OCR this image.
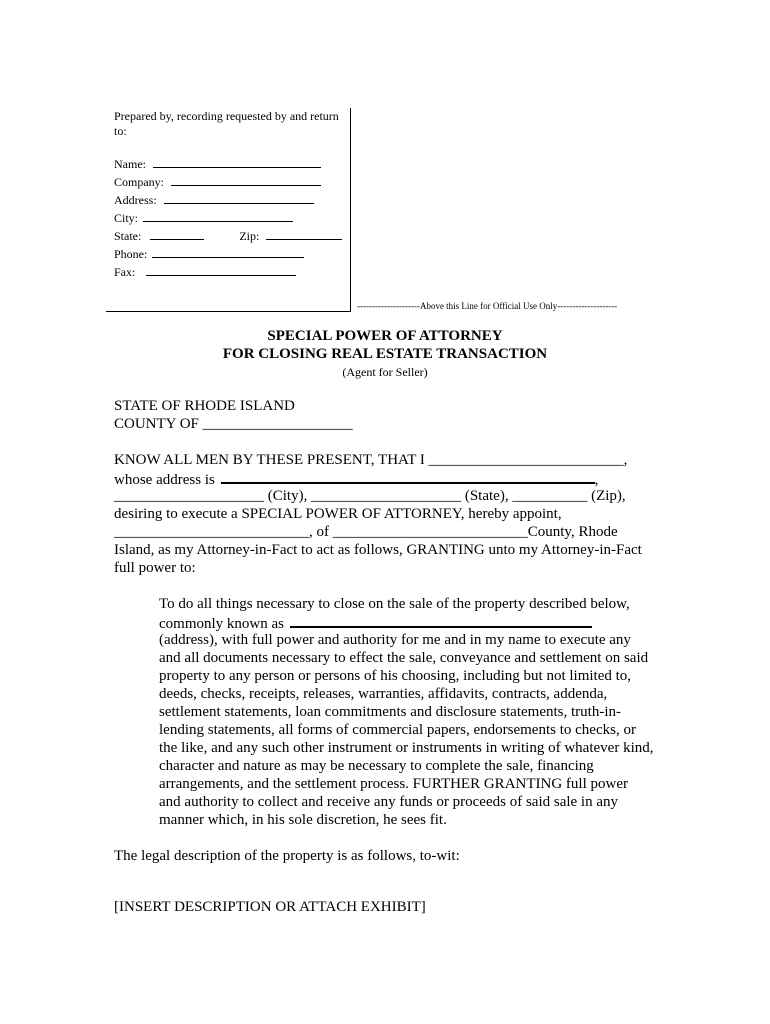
Prepared by, recording requested by and return to:
Name:
Company:
Address:
City:
State:	Zip:
Phone:
Fax:
---------------------Above this Line for Official Use Only--------------------
SPECIAL POWER OF ATTORNEY
FOR CLOSING REAL ESTATE TRANSACTION
(Agent for Seller)
STATE OF RHODE ISLAND
COUNTY OF ____________________
KNOW ALL MEN BY THESE PRESENT, THAT I __________________________,
whose address is	,
____________________ (City), ____________________ (State), __________ (Zip),
desiring to execute a SPECIAL POWER OF ATTORNEY, hereby appoint,
__________________________, of __________________________County, Rhode
Island, as my Attorney-in-Fact to act as follows, GRANTING unto my Attorney-in-Fact
full power to:
To do all things necessary to close on the sale of the property described below,
commonly known as
(address), with full power and authority for me and in my name to execute any
and all documents necessary to effect the sale, conveyance and settlement on said
property to any person or persons of his choosing, including but not limited to,
deeds, checks, receipts, releases, warranties, affidavits, contracts, addenda,
settlement statements, loan commitments and disclosure statements, truth-in-
lending statements, all forms of commercial papers, endorsements to checks, or
the like, and any such other instrument or instruments in writing of whatever kind,
character and nature as may be necessary to complete the sale, financing
arrangements, and the settlement process. FURTHER GRANTING full power
and authority to collect and receive any funds or proceeds of said sale in any
manner which, in his sole discretion, he sees fit.
The legal description of the property is as follows, to-wit:
[INSERT DESCRIPTION OR ATTACH EXHIBIT]
